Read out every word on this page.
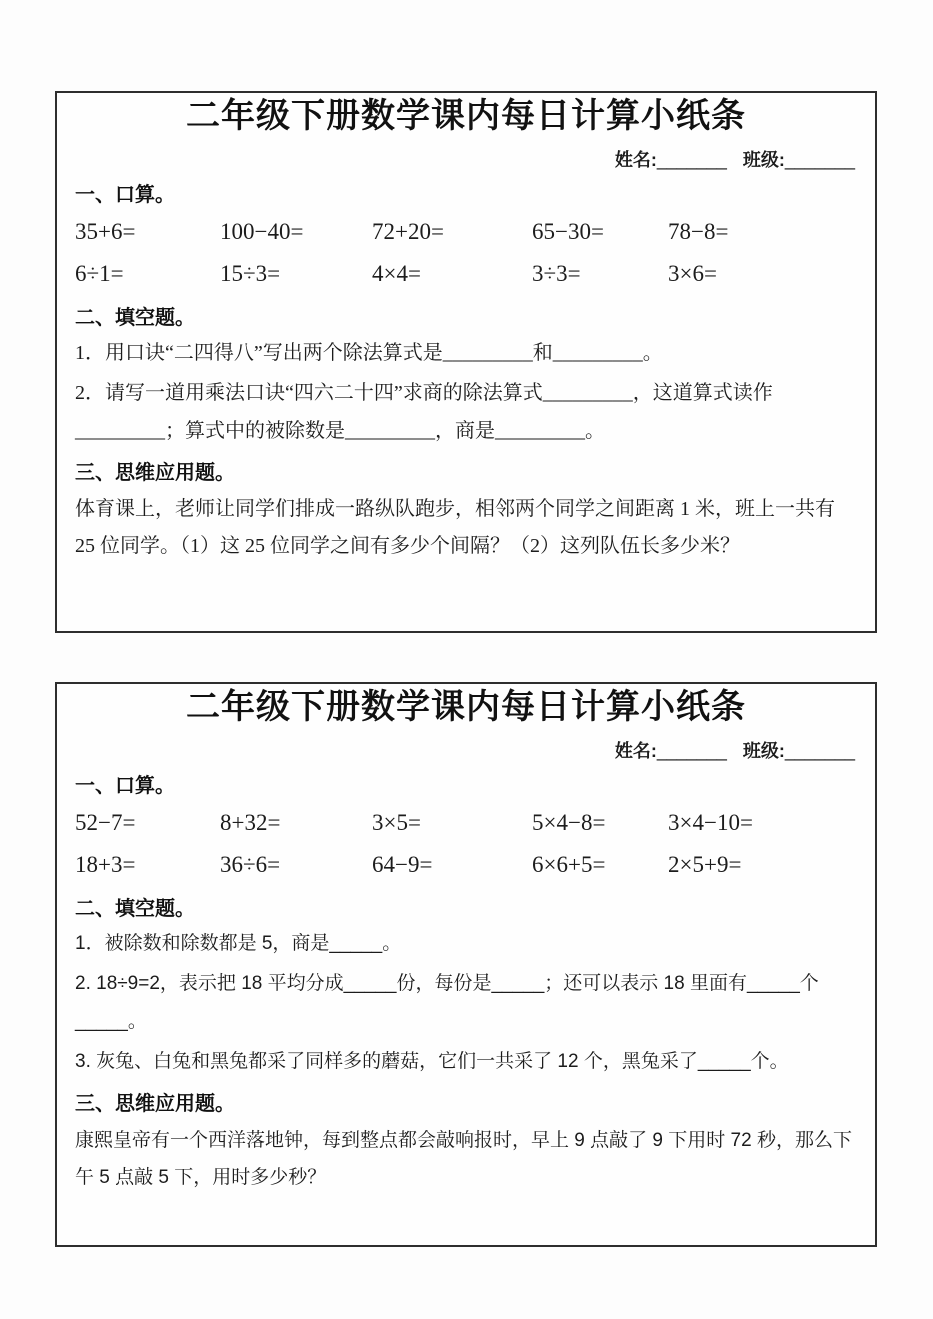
二年级下册数学课内每日计算小纸条
姓名:_______ 班级:_______
一、口算。
35+6=	100−40=	72+20=	65−30=	78−8=
6÷1=	15÷3=	4×4=	3÷3=	3×6=
二、填空题。

1．用口诀“二四得八”写出两个除法算式是_________和_________。

2．请写一道用乘法口诀“四六二十四”求商的除法算式_________，这道算式读作_________；算式中的被除数是_________，商是_________。

三、思维应用题。

体育课上，老师让同学们排成一路纵队跑步，相邻两个同学之间距离 1 米，班上一共有 25 位同学。（1）这 25 位同学之间有多少个间隔？（2）这列队伍长多少米？

二年级下册数学课内每日计算小纸条
姓名:_______ 班级:_______
一、口算。
52−7=	8+32=	3×5=	5×4−8=	3×4−10=
18+3=	36÷6=	64−9=	6×6+5=	2×5+9=
二、填空题。

1．被除数和除数都是 5，商是_____。

2. 18÷9=2，表示把 18 平均分成_____份，每份是_____；还可以表示 18 里面有_____个_____。

3. 灰兔、白兔和黑兔都采了同样多的蘑菇，它们一共采了 12 个，黑兔采了_____个。

三、思维应用题。

康熙皇帝有一个西洋落地钟，每到整点都会敲响报时，早上 9 点敲了 9 下用时 72 秒，那么下午 5 点敲 5 下，用时多少秒？
